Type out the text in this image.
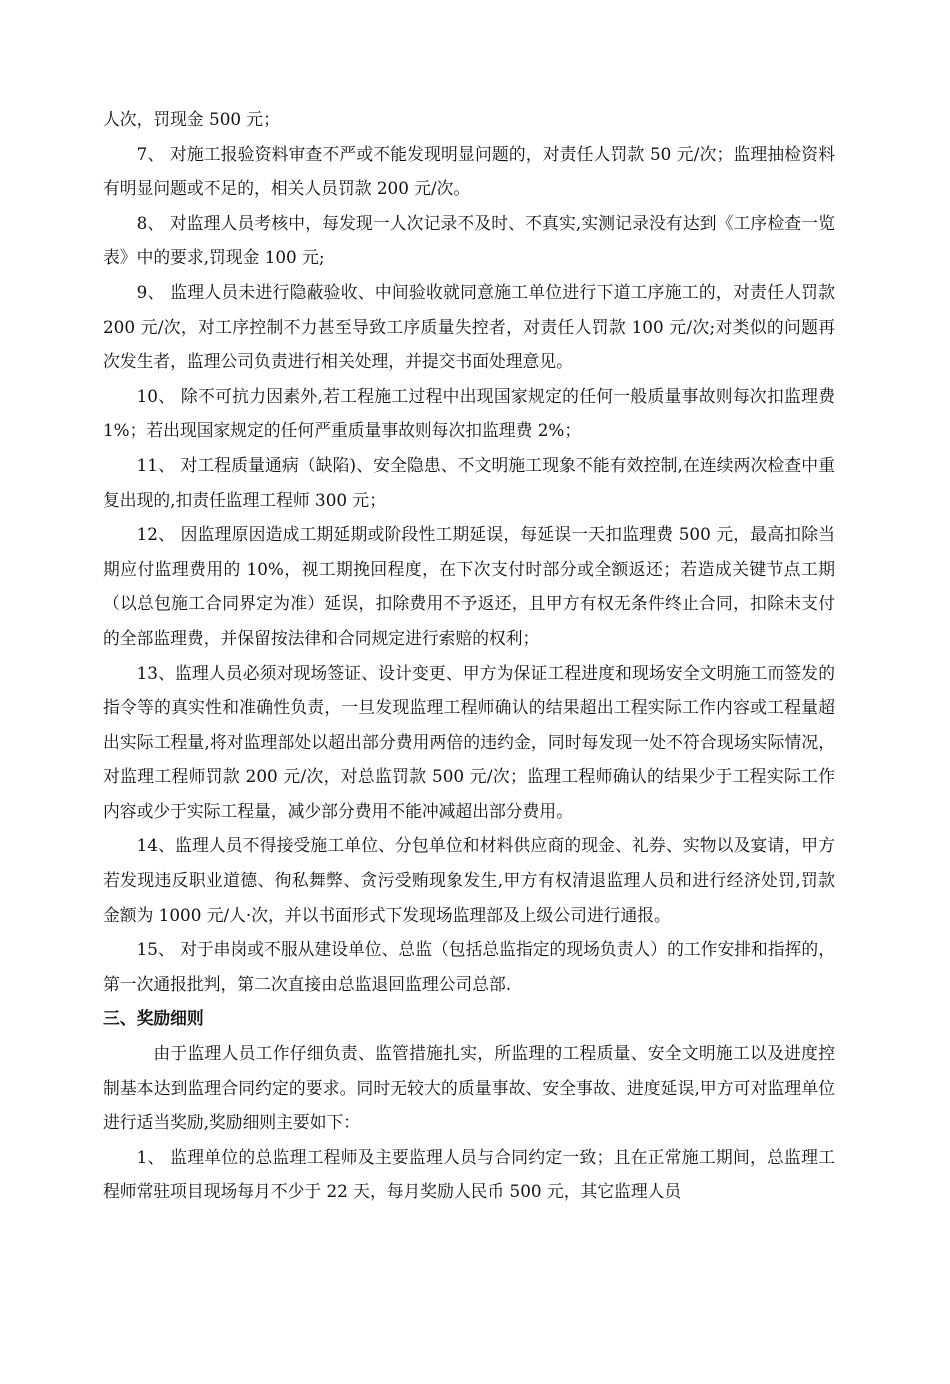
人次，罚现金 500 元；

7、 对施工报验资料审查不严或不能发现明显问题的，对责任人罚款 50 元/次；监理抽检资料有明显问题或不足的，相关人员罚款 200 元/次。

8、 对监理人员考核中，每发现一人次记录不及时、不真实,实测记录没有达到《工序检查一览表》中的要求,罚现金 100 元;

9、 监理人员未进行隐蔽验收、中间验收就同意施工单位进行下道工序施工的，对责任人罚款 200 元/次，对工序控制不力甚至导致工序质量失控者，对责任人罚款 100 元/次;对类似的问题再次发生者，监理公司负责进行相关处理，并提交书面处理意见。

10、 除不可抗力因素外,若工程施工过程中出现国家规定的任何一般质量事故则每次扣监理费 1%；若出现国家规定的任何严重质量事故则每次扣监理费 2%；

11、 对工程质量通病（缺陷)、安全隐患、不文明施工现象不能有效控制,在连续两次检查中重复出现的,扣责任监理工程师 300 元；

12、 因监理原因造成工期延期或阶段性工期延误，每延误一天扣监理费 500 元，最高扣除当期应付监理费用的 10%，视工期挽回程度，在下次支付时部分或全额返还；若造成关键节点工期（以总包施工合同界定为准）延误，扣除费用不予返还，且甲方有权无条件终止合同，扣除未支付的全部监理费，并保留按法律和合同规定进行索赔的权利；

13、监理人员必须对现场签证、设计变更、甲方为保证工程进度和现场安全文明施工而签发的指令等的真实性和准确性负责，一旦发现监理工程师确认的结果超出工程实际工作内容或工程量超出实际工程量,将对监理部处以超出部分费用两倍的违约金，同时每发现一处不符合现场实际情况，对监理工程师罚款 200 元/次，对总监罚款 500 元/次；监理工程师确认的结果少于工程实际工作内容或少于实际工程量，减少部分费用不能冲减超出部分费用。

14、监理人员不得接受施工单位、分包单位和材料供应商的现金、礼券、实物以及宴请，甲方若发现违反职业道德、徇私舞弊、贪污受贿现象发生,甲方有权清退监理人员和进行经济处罚,罚款金额为 1000 元/人·次，并以书面形式下发现场监理部及上级公司进行通报。

15、 对于串岗或不服从建设单位、总监（包括总监指定的现场负责人）的工作安排和指挥的，第一次通报批判，第二次直接由总监退回监理公司总部.

三、奖励细则

由于监理人员工作仔细负责、监管措施扎实，所监理的工程质量、安全文明施工以及进度控制基本达到监理合同约定的要求。同时无较大的质量事故、安全事故、进度延误,甲方可对监理单位进行适当奖励,奖励细则主要如下：

1、 监理单位的总监理工程师及主要监理人员与合同约定一致；且在正常施工期间，总监理工程师常驻项目现场每月不少于 22 天，每月奖励人民币 500 元，其它监理人员
